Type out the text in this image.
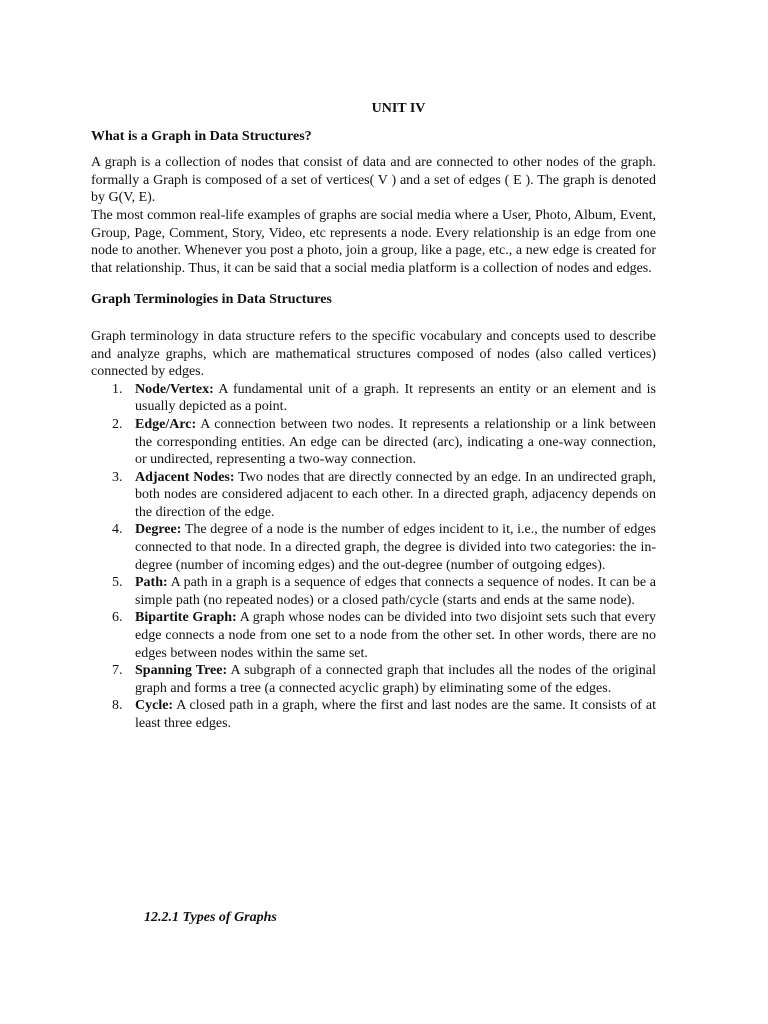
UNIT IV
What is a Graph in Data Structures?

A graph is a collection of nodes that consist of data and are connected to other nodes of the graph. formally a Graph is composed of a set of vertices( V ) and a set of edges ( E ). The graph is denoted by G(V, E).

The most common real-life examples of graphs are social media where a User, Photo, Album, Event, Group, Page, Comment, Story, Video, etc represents a node. Every relationship is an edge from one node to another. Whenever you post a photo, join a group, like a page, etc., a new edge is created for that relationship. Thus, it can be said that a social media platform is a collection of nodes and edges.

Graph Terminologies in Data Structures

Graph terminology in data structure refers to the specific vocabulary and concepts used to describe and analyze graphs, which are mathematical structures composed of nodes (also called vertices) connected by edges.

1. Node/Vertex: A fundamental unit of a graph. It represents an entity or an element and is usually depicted as a point.
2. Edge/Arc: A connection between two nodes. It represents a relationship or a link between the corresponding entities. An edge can be directed (arc), indicating a one-way connection, or undirected, representing a two-way connection.
3. Adjacent Nodes: Two nodes that are directly connected by an edge. In an undirected graph, both nodes are considered adjacent to each other. In a directed graph, adjacency depends on the direction of the edge.
4. Degree: The degree of a node is the number of edges incident to it, i.e., the number of edges connected to that node. In a directed graph, the degree is divided into two categories: the in-degree (number of incoming edges) and the out-degree (number of outgoing edges).
5. Path: A path in a graph is a sequence of edges that connects a sequence of nodes. It can be a simple path (no repeated nodes) or a closed path/cycle (starts and ends at the same node).
6. Bipartite Graph: A graph whose nodes can be divided into two disjoint sets such that every edge connects a node from one set to a node from the other set. In other words, there are no edges between nodes within the same set.
7. Spanning Tree: A subgraph of a connected graph that includes all the nodes of the original graph and forms a tree (a connected acyclic graph) by eliminating some of the edges.
8. Cycle: A closed path in a graph, where the first and last nodes are the same. It consists of at least three edges.
12.2.1 Types of Graphs
